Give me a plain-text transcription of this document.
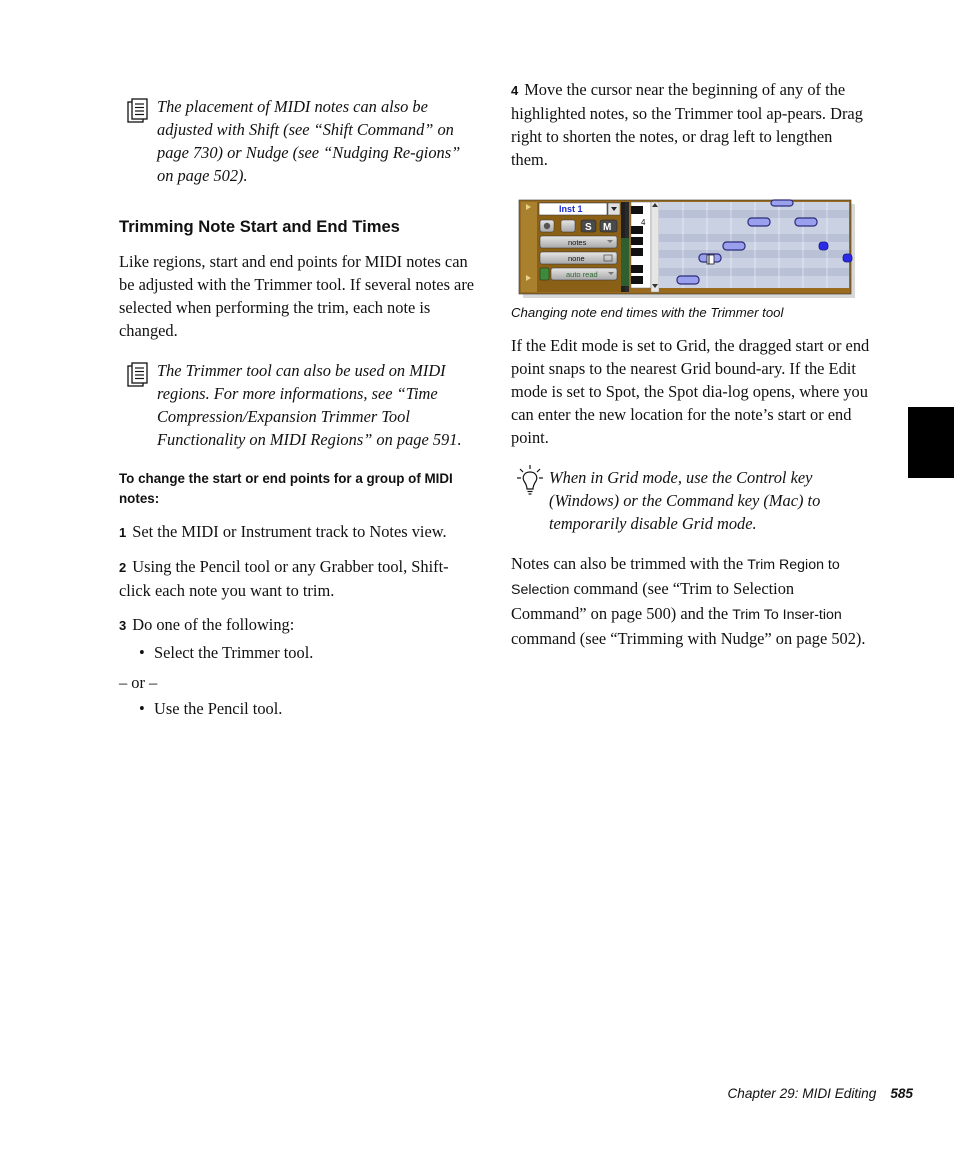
The placement of MIDI notes can also be adjusted with Shift (see “Shift Command” on page 730) or Nudge (see “Nudging Re-gions” on page 502).

Trimming Note Start and End Times

Like regions, start and end points for MIDI notes can be adjusted with the Trimmer tool. If several notes are selected when performing the trim, each note is changed.

The Trimmer tool can also be used on MIDI regions. For more informations, see “Time Compression/Expansion Trimmer Tool Functionality on MIDI Regions” on page 591.

To change the start or end points for a group of MIDI notes:

1 Set the MIDI or Instrument track to Notes view.

2 Using the Pencil tool or any Grabber tool, Shift-click each note you want to trim.

3 Do one of the following:

• Select the Trimmer tool.

– or –

• Use the Pencil tool.

4 Move the cursor near the beginning of any of the highlighted notes, so the Trimmer tool ap-pears. Drag right to shorten the notes, or drag left to lengthen them.

Inst 1
S M
notes
none
auto read
4

Changing note end times with the Trimmer tool

If the Edit mode is set to Grid, the dragged start or end point snaps to the nearest Grid bound-ary. If the Edit mode is set to Spot, the Spot dia-log opens, where you can enter the new location for the note’s start or end point.

When in Grid mode, use the Control key (Windows) or the Command key (Mac) to temporarily disable Grid mode.

Notes can also be trimmed with the Trim Region to Selection command (see “Trim to Selection Command” on page 500) and the Trim To Inser-tion command (see “Trimming with Nudge” on page 502).

Chapter 29: MIDI Editing 585
